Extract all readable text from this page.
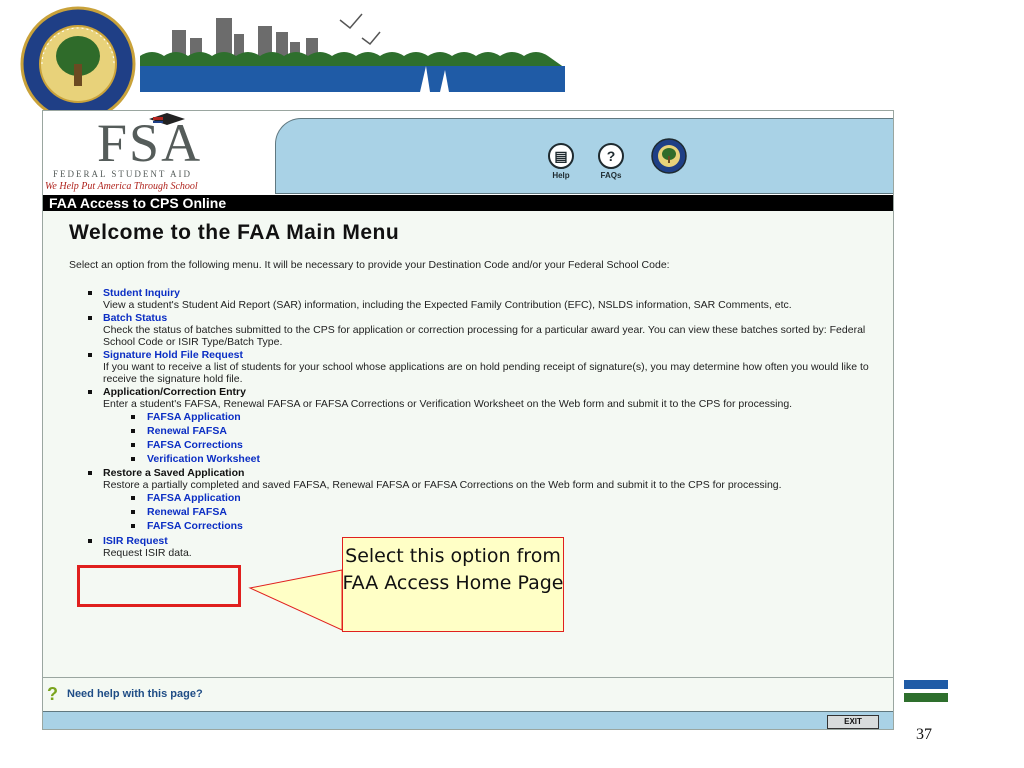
FSA
FEDERAL STUDENT AID
We Help Put America Through School
▤
Help
?
FAQs
FAA Access to CPS Online
Welcome to the FAA Main Menu
Select an option from the following menu. It will be necessary to provide your Destination Code and/or your Federal School Code:
Student Inquiry
View a student's Student Aid Report (SAR) information, including the Expected Family Contribution (EFC), NSLDS information, SAR Comments, etc.
Batch Status
Check the status of batches submitted to the CPS for application or correction processing for a particular award year. You can view these batches sorted by: Federal School Code or ISIR Type/Batch Type.
Signature Hold File Request
If you want to receive a list of students for your school whose applications are on hold pending receipt of signature(s), you may determine how often you would like to receive the signature hold file.
Application/Correction Entry
Enter a student's FAFSA, Renewal FAFSA or FAFSA Corrections or Verification Worksheet on the Web form and submit it to the CPS for processing.
FAFSA Application
Renewal FAFSA
FAFSA Corrections
Verification Worksheet
Restore a Saved Application
Restore a partially completed and saved FAFSA, Renewal FAFSA or FAFSA Corrections on the Web form and submit it to the CPS for processing.
FAFSA Application
Renewal FAFSA
FAFSA Corrections
ISIR Request
Request ISIR data.
? Need help with this page?
EXIT
Select this option from FAA Access Home Page
37
